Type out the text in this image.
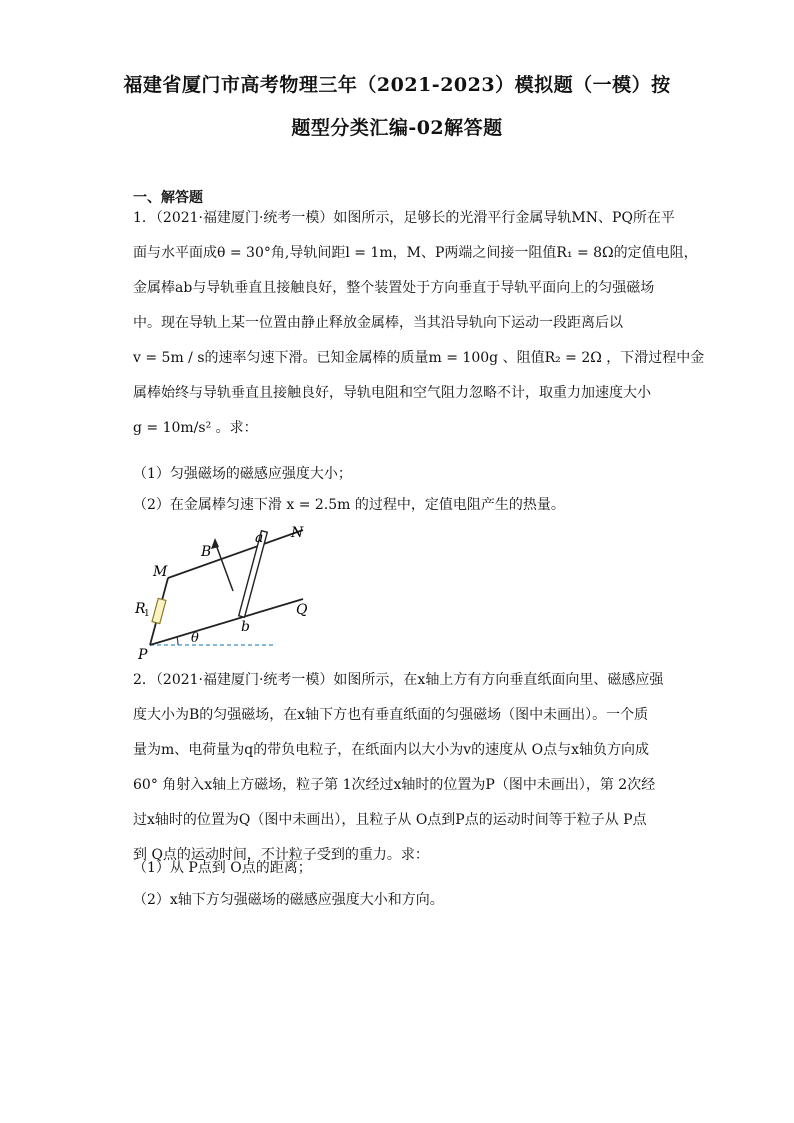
福建省厦门市高考物理三年（2021-2023）模拟题（一模）按
题型分类汇编-02解答题
一、解答题
1．（2021·福建厦门·统考一模）如图所示，足够长的光滑平行金属导轨MN、PQ所在平
面与水平面成θ = 30°角,导轨间距l = 1m，M、P两端之间接一阻值R₁ = 8Ω的定值电阻，
金属棒ab与导轨垂直且接触良好，整个装置处于方向垂直于导轨平面向上的匀强磁场
中。现在导轨上某一位置由静止释放金属棒，当其沿导轨向下运动一段距离后以
v = 5m / s的速率匀速下滑。已知金属棒的质量m = 100g 、阻值R₂ = 2Ω ，下滑过程中金
属棒始终与导轨垂直且接触良好，导轨电阻和空气阻力忽略不计，取重力加速度大小
g = 10m/s² 。求：
（1）匀强磁场的磁感应强度大小；
（2）在金属棒匀速下滑 x = 2.5m 的过程中，定值电阻产生的热量。
B
a N
M
R
1	Q
b
θ
P
2．（2021·福建厦门·统考一模）如图所示，在x轴上方有方向垂直纸面向里、磁感应强
度大小为B的匀强磁场，在x轴下方也有垂直纸面的匀强磁场（图中未画出）。一个质
量为m、电荷量为q的带负电粒子，在纸面内以大小为v的速度从 O点与x轴负方向成
60° 角射入x轴上方磁场，粒子第 1次经过x轴时的位置为P（图中未画出），第 2次经
过x轴时的位置为Q（图中未画出），且粒子从 O点到P点的运动时间等于粒子从 P点
到 Q点的运动时间，不计粒子受到的重力。求：
（1）从 P点到 O点的距离；
（2）x轴下方匀强磁场的磁感应强度大小和方向。
